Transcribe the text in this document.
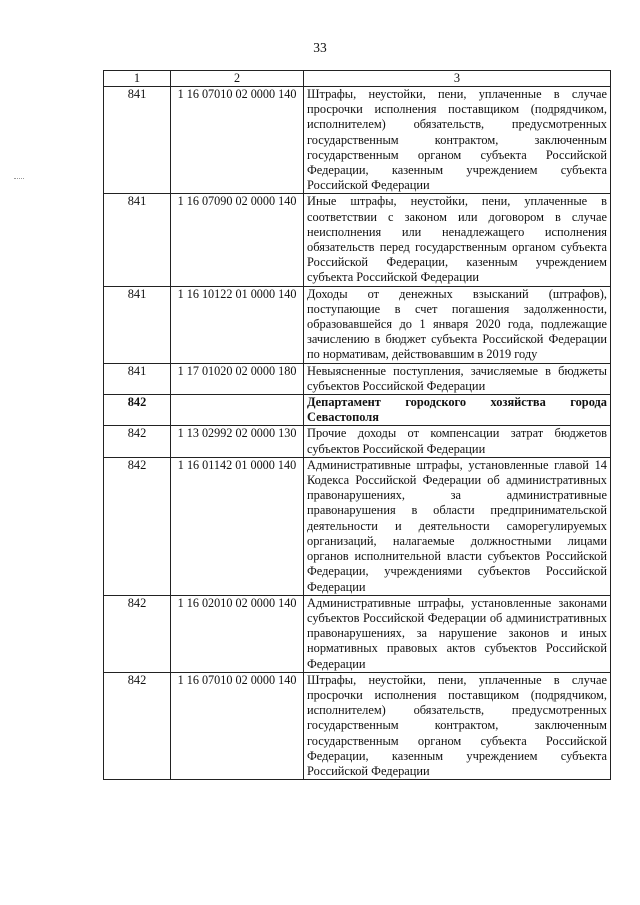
33
1	2	3
841	1 16 07010 02 0000 140	Штрафы, неустойки, пени, уплаченные в случае просрочки исполнения поставщиком (подрядчиком, исполнителем) обязательств, предусмотренных государственным контрактом, заключенным государственным органом субъекта Российской Федерации, казенным учреждением субъекта Российской Федерации
841	1 16 07090 02 0000 140	Иные штрафы, неустойки, пени, уплаченные в соответствии с законом или договором в случае неисполнения или ненадлежащего исполнения обязательств перед государственным органом субъекта Российской Федерации, казенным учреждением субъекта Российской Федерации
841	1 16 10122 01 0000 140	Доходы от денежных взысканий (штрафов), поступающие в счет погашения задолженности, образовавшейся до 1 января 2020 года, подлежащие зачислению в бюджет субъекта Российской Федерации по нормативам, действовавшим в 2019 году
841	1 17 01020 02 0000 180	Невыясненные поступления, зачисляемые в бюджеты субъектов Российской Федерации
842		Департамент городского хозяйства города Севастополя
842	1 13 02992 02 0000 130	Прочие доходы от компенсации затрат бюджетов субъектов Российской Федерации
842	1 16 01142 01 0000 140	Административные штрафы, установленные главой 14 Кодекса Российской Федерации об административных правонарушениях, за административные правонарушения в области предпринимательской деятельности и деятельности саморегулируемых организаций, налагаемые должностными лицами органов исполнительной власти субъектов Российской Федерации, учреждениями субъектов Российской Федерации
842	1 16 02010 02 0000 140	Административные штрафы, установленные законами субъектов Российской Федерации об административных правонарушениях, за нарушение законов и иных нормативных правовых актов субъектов Российской Федерации
842	1 16 07010 02 0000 140	Штрафы, неустойки, пени, уплаченные в случае просрочки исполнения поставщиком (подрядчиком, исполнителем) обязательств, предусмотренных государственным контрактом, заключенным государственным органом субъекта Российской Федерации, казенным учреждением субъекта Российской Федерации
